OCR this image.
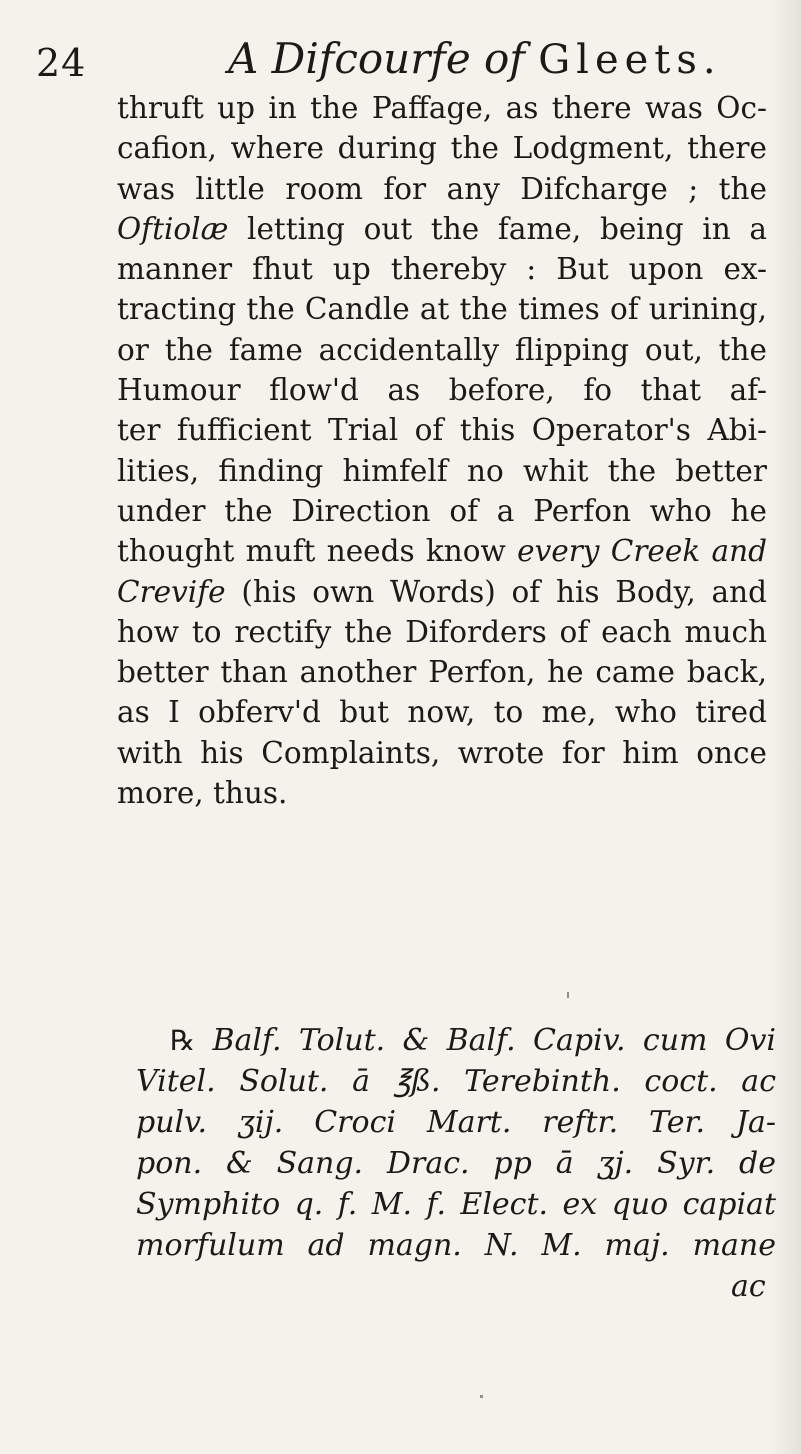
24	A Difcourfe of Gleets.
thruft up in the Paffage, as there was Oc-
cafion, where during the Lodgment, there
was little room for any Difcharge ; the
Oftiolæ letting out the fame, being in a
manner fhut up thereby : But upon ex-
tracting the Candle at the times of urining,
or the fame accidentally flipping out, the
Humour flow'd as before, fo that af-
ter fufficient Trial of this Operator's Abi-
lities, finding himfelf no whit the better
under the Direction of a Perfon who he
thought muft needs know every Creek and
Crevife (his own Words) of his Body, and
how to rectify the Diforders of each much
better than another Perfon, he came back,
as I obferv'd but now, to me, who tired
with his Complaints, wrote for him once
more, thus.
℞ Balf. Tolut. & Balf. Capiv. cum Ovi
Vitel. Solut. ā ℥ß. Terebinth. coct. ac
pulv. ʒij. Croci Mart. reftr. Ter. Ja-
pon. & Sang. Drac. pp ā ʒj. Syr. de
Symphito q. f. M. f. Elect. ex quo capiat
morfulum ad magn. N. M. maj. mane
ac
